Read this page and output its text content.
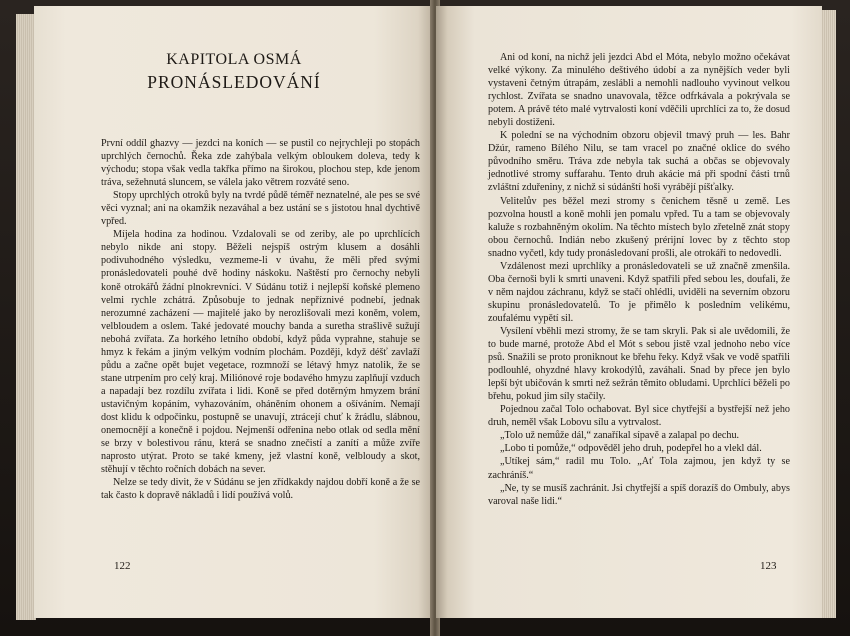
KAPITOLA OSMÁ
PRONÁSLEDOVÁNÍ

První oddíl ghazvy — jezdci na koních — se pustil co nejrychleji po stopách uprchlých černochů. Řeka zde zahýbala velkým obloukem doleva, tedy k východu; stopa však vedla takřka přímo na širokou, plochou step, kde jenom tráva, sežehnutá sluncem, se válela jako větrem rozváté seno.

Stopy uprchlých otroků byly na tvrdé půdě téměř neznatelné, ale pes se své věci vyznal; ani na okamžik nezaváhal a bez ustání se s jistotou hnal dychtivě vpřed.

Míjela hodina za hodinou. Vzdalovali se od zeriby, ale po uprchlících nebylo nikde ani stopy. Běželi nejspíš ostrým klusem a dosáhli podivuhodného výsledku, vezmeme-li v úvahu, že měli před svými pronásledovateli pouhé dvě hodiny náskoku. Naštěstí pro černochy nebyli koně otrokářů žádní plnokrevníci. V Súdánu totiž i nejlepší koňské plemeno velmi rychle zchátrá. Způsobuje to jednak nepříznivé podnebí, jednak nerozumné zacházení — majitelé jako by nerozlišovali mezi koněm, volem, velbloudem a oslem. Také jedovaté mouchy banda a suretha strašlivě sužují nebohá zvířata. Za horkého letního období, když půda vyprahne, stahuje se hmyz k řekám a jiným velkým vodním plochám. Později, když déšť zavlaží půdu a začne opět bujet vegetace, rozmnoží se létavý hmyz natolik, že se stane utrpením pro celý kraj. Miliónové roje bodavého hmyzu zaplňují vzduch a napadají bez rozdílu zvířata i lidi. Koně se před dotěrným hmyzem brání ustavičným kopáním, vyhazováním, oháněním ohonem a ošíváním. Nemají dost klidu k odpočinku, postupně se unavují, ztrácejí chuť k žrádlu, slábnou, onemocnějí a konečně i pojdou. Nejmenší odřenina nebo otlak od sedla mění se brzy v bolestivou ránu, která se snadno znečistí a zanítí a může zvíře naprosto utýrat. Proto se také kmeny, jež vlastní koně, velbloudy a skot, stěhují v těchto ročních dobách na sever.

Nelze se tedy divit, že v Súdánu se jen zřídkakdy najdou dobří koně a že se tak často k dopravě nákladů i lidí používá volů.

122

Ani od koní, na nichž jeli jezdci Abd el Móta, nebylo možno očekávat velké výkony. Za minulého deštivého údobí a za nynějších veder byli vystaveni četným útrapám, zeslábli a nemohli nadlouho vyvinout velkou rychlost. Zvířata se snadno unavovala, těžce odfrkávala a pokrývala se potem. A právě této malé vytrvalosti koní vděčili uprchlíci za to, že dosud nebyli dostiženi.

K polední se na východním obzoru objevil tmavý pruh — les. Bahr Džúr, rameno Bílého Nilu, se tam vracel po značné oklice do svého původního směru. Tráva zde nebyla tak suchá a občas se objevovaly jednotlivé stromy suffarahu. Tento druh akácie má při spodní části trnů zvláštní zduřeniny, z nichž si súdánští hoši vyrábějí píšťalky.

Velitelův pes běžel mezi stromy s čenichem těsně u země. Les pozvolna houstl a koně mohli jen pomalu vpřed. Tu a tam se objevovaly kaluže s rozbahněným okolím. Na těchto místech bylo zřetelně znát stopy obou černochů. Indián nebo zkušený prérijní lovec by z těchto stop snadno vyčetl, kdy tudy pronásledovaní prošli, ale otrokáři to nedovedli.

Vzdálenost mezi uprchlíky a pronásledovateli se už značně zmenšila. Oba černoši byli k smrti unaveni. Když spatřili před sebou les, doufali, že v něm najdou záchranu, když se stačí ohlédli, uviděli na severním obzoru skupinu pronásledovatelů. To je přimělo k posledním velikému, zoufalému vypětí sil.

Vysílení vběhli mezi stromy, že se tam skryli. Pak si ale uvědomili, že to bude marné, protože Abd el Mót s sebou jistě vzal jednoho nebo více psů. Snažili se proto proniknout ke břehu řeky. Když však ve vodě spatřili podlouhlé, ohyzdné hlavy krokodýlů, zaváhali. Snad by přece jen bylo lepší být ubičován k smrti než sežrán těmito obludami. Uprchlíci běželi po břehu, pokud jim síly stačily.

Pojednou začal Tolo ochabovat. Byl sice chytřejší a bystřejší než jeho druh, neměl však Lobovu sílu a vytrvalost.

„Tolo už nemůže dál,“ zanaříkal sípavě a zalapal po dechu.

„Lobo ti pomůže,“ odpověděl jeho druh, podepřel ho a vlekl dál.

„Utíkej sám,“ radil mu Tolo. „Ať Tola zajmou, jen když ty se zachráníš.“

„Ne, ty se musíš zachránit. Jsi chytřejší a spíš dorazíš do Ombuly, abys varoval naše lidi.“

123
